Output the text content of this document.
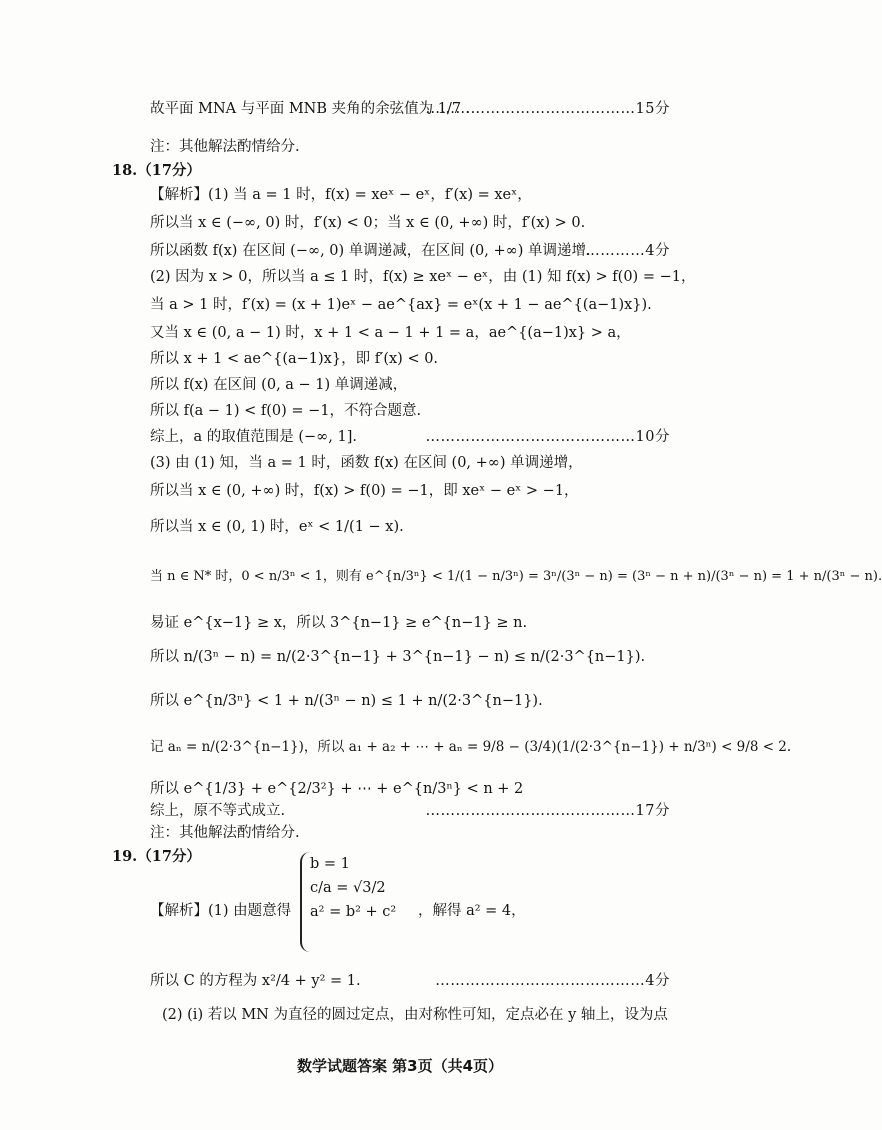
故平面 MNA 与平面 MNB 夹角的余弦值为 1/7 .
……………………………………15分
注：其他解法酌情给分.
18.（17分）
【解析】(1) 当 a = 1 时，f(x) = xeˣ − eˣ，f′(x) = xeˣ，
所以当 x ∈ (−∞, 0) 时，f′(x) < 0；当 x ∈ (0, +∞) 时，f′(x) > 0.
所以函数 f(x) 在区间 (−∞, 0) 单调递减，在区间 (0, +∞) 单调递增.
…………4分
(2) 因为 x > 0，所以当 a ≤ 1 时，f(x) ≥ xeˣ − eˣ，由 (1) 知 f(x) > f(0) = −1，
当 a > 1 时，f′(x) = (x + 1)eˣ − ae^{ax} = eˣ(x + 1 − ae^{(a−1)x}).
又当 x ∈ (0, a − 1) 时，x + 1 < a − 1 + 1 = a，ae^{(a−1)x} > a，
所以 x + 1 < ae^{(a−1)x}，即 f′(x) < 0.
所以 f(x) 在区间 (0, a − 1) 单调递减，
所以 f(a − 1) < f(0) = −1，不符合题意.
综上，a 的取值范围是 (−∞, 1].	……………………………………10分
(3) 由 (1) 知，当 a = 1 时，函数 f(x) 在区间 (0, +∞) 单调递增，
所以当 x ∈ (0, +∞) 时，f(x) > f(0) = −1，即 xeˣ − eˣ > −1，
所以当 x ∈ (0, 1) 时，eˣ < 1/(1 − x).
当 n ∈ N* 时，0 < n/3ⁿ < 1，则有 e^{n/3ⁿ} < 1/(1 − n/3ⁿ) = 3ⁿ/(3ⁿ − n) = (3ⁿ − n + n)/(3ⁿ − n) = 1 + n/(3ⁿ − n).
易证 e^{x−1} ≥ x，所以 3^{n−1} ≥ e^{n−1} ≥ n.
所以 n/(3ⁿ − n) = n/(2·3^{n−1} + 3^{n−1} − n) ≤ n/(2·3^{n−1}).
所以 e^{n/3ⁿ} < 1 + n/(3ⁿ − n) ≤ 1 + n/(2·3^{n−1}).
记 aₙ = n/(2·3^{n−1})，所以 a₁ + a₂ + ⋯ + aₙ = 9/8 − (3/4)(1/(2·3^{n−1}) + n/3ⁿ) < 9/8 < 2.
所以 e^{1/3} + e^{2/3²} + ⋯ + e^{n/3ⁿ} < n + 2
综上，原不等式成立.	……………………………………17分
注：其他解法酌情给分.
19.（17分）
【解析】(1) 由题意得
b = 1
c/a = √3/2
a² = b² + c²	，解得 a² = 4，
所以 C 的方程为 x²/4 + y² = 1.	……………………………………4分
(2) (i) 若以 MN 为直径的圆过定点，由对称性可知，定点必在 y 轴上，设为点
数学试题答案 第3页（共4页）
